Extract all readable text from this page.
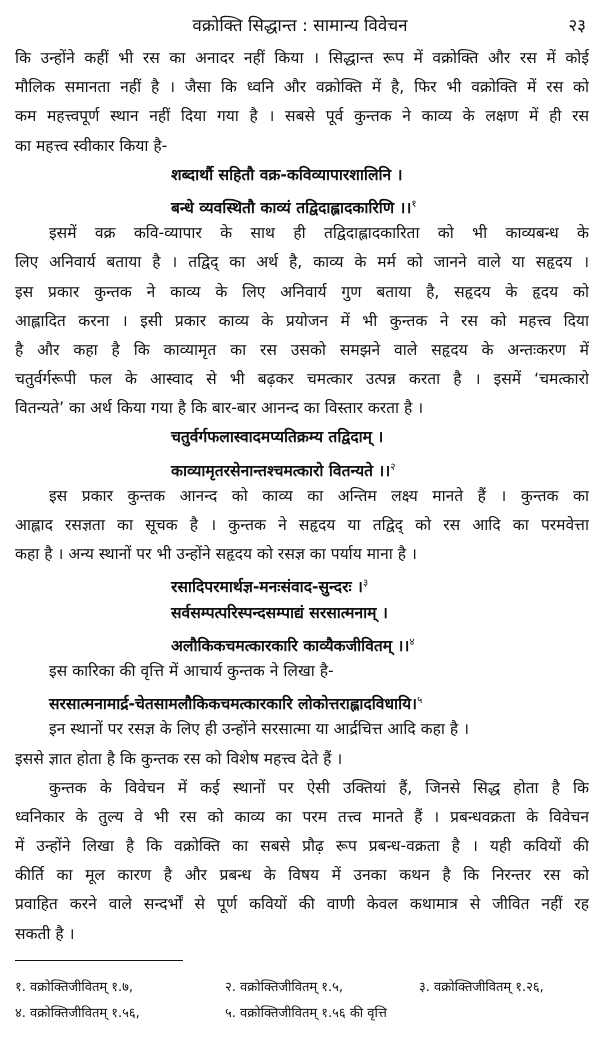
वक्रोक्ति सिद्धान्त : सामान्य विवेचन	२३
कि उन्होंने कहीं भी रस का अनादर नहीं किया । सिद्धान्त रूप में वक्रोक्ति और रस में कोई
मौलिक समानता नहीं है । जैसा कि ध्वनि और वक्रोक्ति में है, फिर भी वक्रोक्ति में रस को
कम महत्त्वपूर्ण स्थान नहीं दिया गया है । सबसे पूर्व कुन्तक ने काव्य के लक्षण में ही रस
का महत्त्व स्वीकार किया है-
शब्दार्थौ सहितौ वक्र-कविव्यापारशालिनि ।
बन्धे व्यवस्थितौ काव्यं तद्विदाह्लादकारिणि ।।$^१$
इसमें वक्र कवि-व्यापार के साथ ही तद्विदाह्लादकारिता को भी काव्यबन्ध के
लिए अनिवार्य बताया है । तद्विद् का अर्थ है, काव्य के मर्म को जानने वाले या सहृदय ।
इस प्रकार कुन्तक ने काव्य के लिए अनिवार्य गुण बताया है, सहृदय के हृदय को
आह्लादित करना । इसी प्रकार काव्य के प्रयोजन में भी कुन्तक ने रस को महत्त्व दिया
है और कहा है कि काव्यामृत का रस उसको समझने वाले सहृदय के अन्तःकरण में
चतुर्वर्गरूपी फल के आस्वाद से भी बढ़कर चमत्कार उत्पन्न करता है । इसमें ‘चमत्कारो
वितन्यते’ का अर्थ किया गया है कि बार-बार आनन्द का विस्तार करता है ।
चतुर्वर्गफलास्वादमप्यतिक्रम्य तद्विदाम् ।
काव्यामृतरसेनान्तश्चमत्कारो वितन्यते ।।$^२$
इस प्रकार कुन्तक आनन्द को काव्य का अन्तिम लक्ष्य मानते हैं । कुन्तक का
आह्लाद रसज्ञता का सूचक है । कुन्तक ने सहृदय या तद्विद् को रस आदि का परमवेत्ता
कहा है । अन्य स्थानों पर भी उन्होंने सहृदय को रसज्ञ का पर्याय माना है ।
रसादिपरमार्थज्ञ-मनःसंवाद-सुन्दरः ।$^३$
सर्वसम्पत्परिस्पन्दसम्पाद्यं सरसात्मनाम् ।
अलौकिकचमत्कारकारि काव्यैकजीवितम् ।।$^४$
इस कारिका की वृत्ति में आचार्य कुन्तक ने लिखा है-
सरसात्मनामार्द्र-चेतसामलौकिकचमत्कारकारि लोकोत्तराह्लादविधायि।$^५$
इन स्थानों पर रसज्ञ के लिए ही उन्होंने सरसात्मा या आर्द्रचित्त आदि कहा है ।
इससे ज्ञात होता है कि कुन्तक रस को विशेष महत्त्व देते हैं ।
कुन्तक के विवेचन में कई स्थानों पर ऐसी उक्तियां हैं, जिनसे सिद्ध होता है कि
ध्वनिकार के तुल्य वे भी रस को काव्य का परम तत्त्व मानते हैं । प्रबन्धवक्रता के विवेचन
में उन्होंने लिखा है कि वक्रोक्ति का सबसे प्रौढ़ रूप प्रबन्ध-वक्रता है । यही कवियों की
कीर्ति का मूल कारण है और प्रबन्ध के विषय में उनका कथन है कि निरन्तर रस को
प्रवाहित करने वाले सन्दर्भों से पूर्ण कवियों की वाणी केवल कथामात्र से जीवित नहीं रह
सकती है ।
१. वक्रोक्तिजीवितम् १.७,	२. वक्रोक्तिजीवितम् १.५,	३. वक्रोक्तिजीवितम् १.२६,
४. वक्रोक्तिजीवितम् १.५६,	५. वक्रोक्तिजीवितम् १.५६ की वृत्ति
